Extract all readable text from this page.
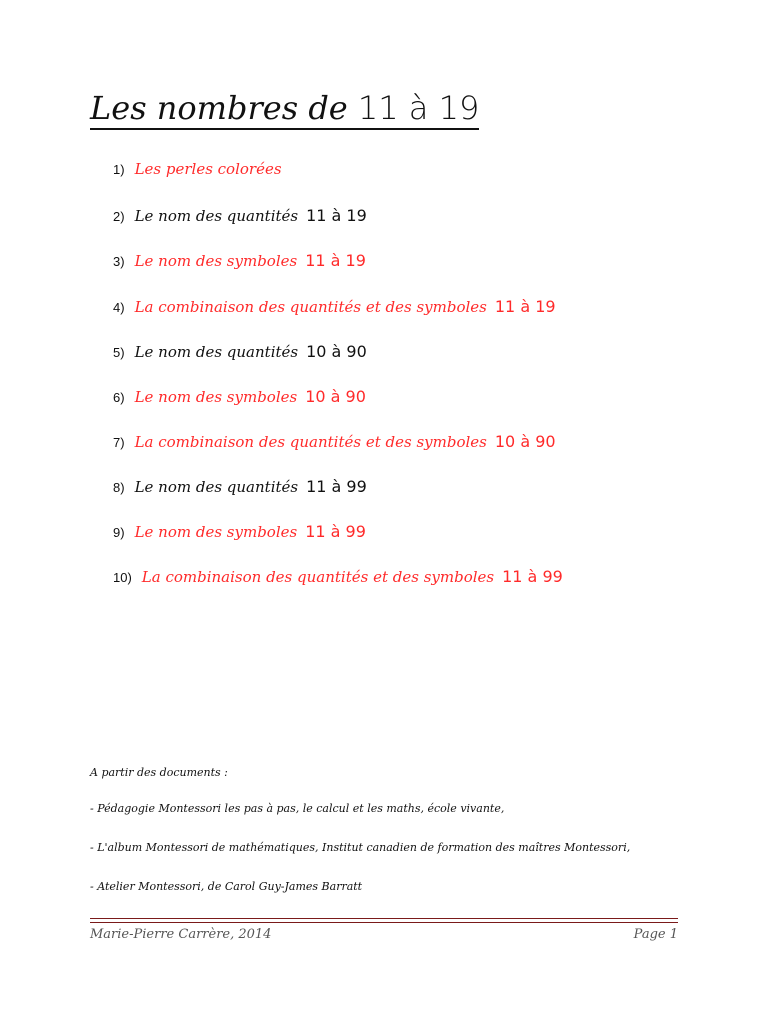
Les nombres de 11 à 19
1) Les perles colorées
2) Le nom des quantités 11 à 19
3) Le nom des symboles 11 à 19
4) La combinaison des quantités et des symboles 11 à 19
5) Le nom des quantités 10 à 90
6) Le nom des symboles 10 à 90
7) La combinaison des quantités et des symboles 10 à 90
8) Le nom des quantités 11 à 99
9) Le nom des symboles 11 à 99
10) La combinaison des quantités et des symboles 11 à 99
A partir des documents :
- Pédagogie Montessori les pas à pas, le calcul et les maths, école vivante,
- L'album Montessori de mathématiques, Institut canadien de formation des maîtres Montessori,
- Atelier Montessori, de Carol Guy-James Barratt
Marie-Pierre Carrère, 2014	Page 1
